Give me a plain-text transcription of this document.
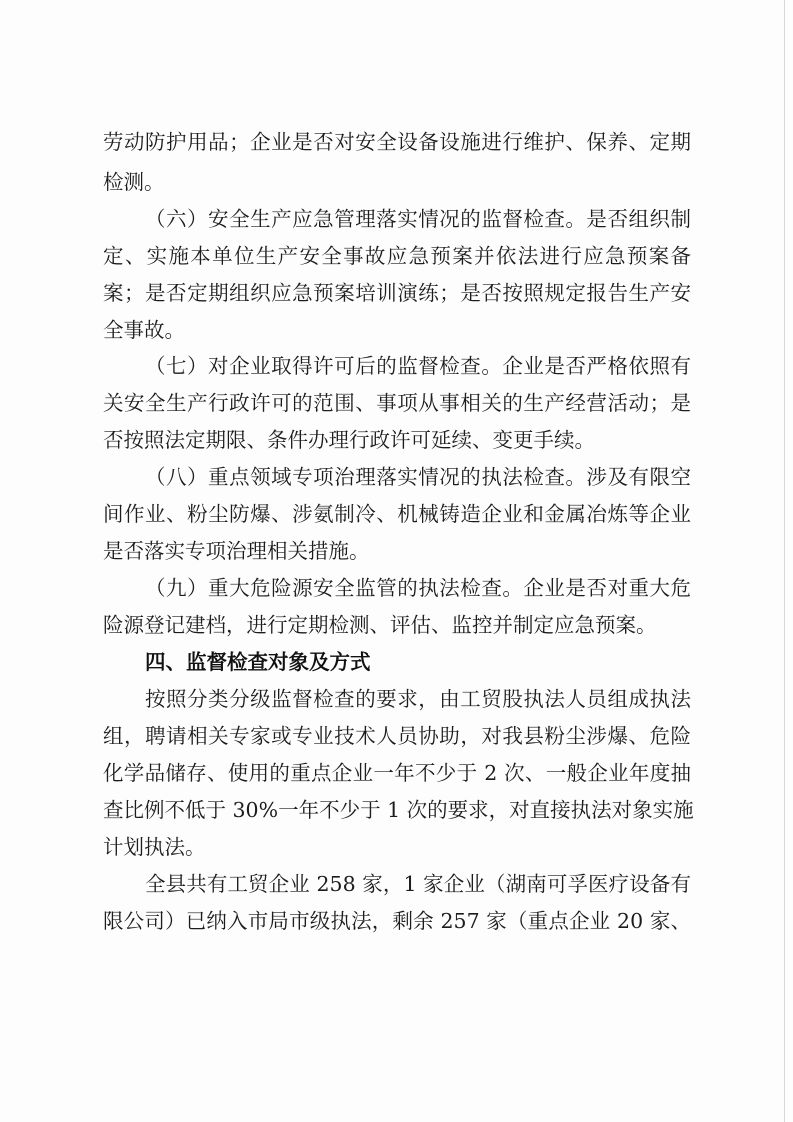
劳动防护用品；企业是否对安全设备设施进行维护、保养、定期
检测。
（六）安全生产应急管理落实情况的监督检查。是否组织制
定、实施本单位生产安全事故应急预案并依法进行应急预案备
案；是否定期组织应急预案培训演练；是否按照规定报告生产安
全事故。
（七）对企业取得许可后的监督检查。企业是否严格依照有
关安全生产行政许可的范围、事项从事相关的生产经营活动；是
否按照法定期限、条件办理行政许可延续、变更手续。
（八）重点领域专项治理落实情况的执法检查。涉及有限空
间作业、粉尘防爆、涉氨制冷、机械铸造企业和金属冶炼等企业
是否落实专项治理相关措施。
（九）重大危险源安全监管的执法检查。企业是否对重大危
险源登记建档，进行定期检测、评估、监控并制定应急预案。
四、监督检查对象及方式
按照分类分级监督检查的要求，由工贸股执法人员组成执法
组，聘请相关专家或专业技术人员协助，对我县粉尘涉爆、危险
化学品储存、使用的重点企业一年不少于 2 次、一般企业年度抽
查比例不低于 30%一年不少于 1 次的要求，对直接执法对象实施
计划执法。
全县共有工贸企业 258 家，1 家企业（湖南可孚医疗设备有
限公司）已纳入市局市级执法，剩余 257 家（重点企业 20 家、
